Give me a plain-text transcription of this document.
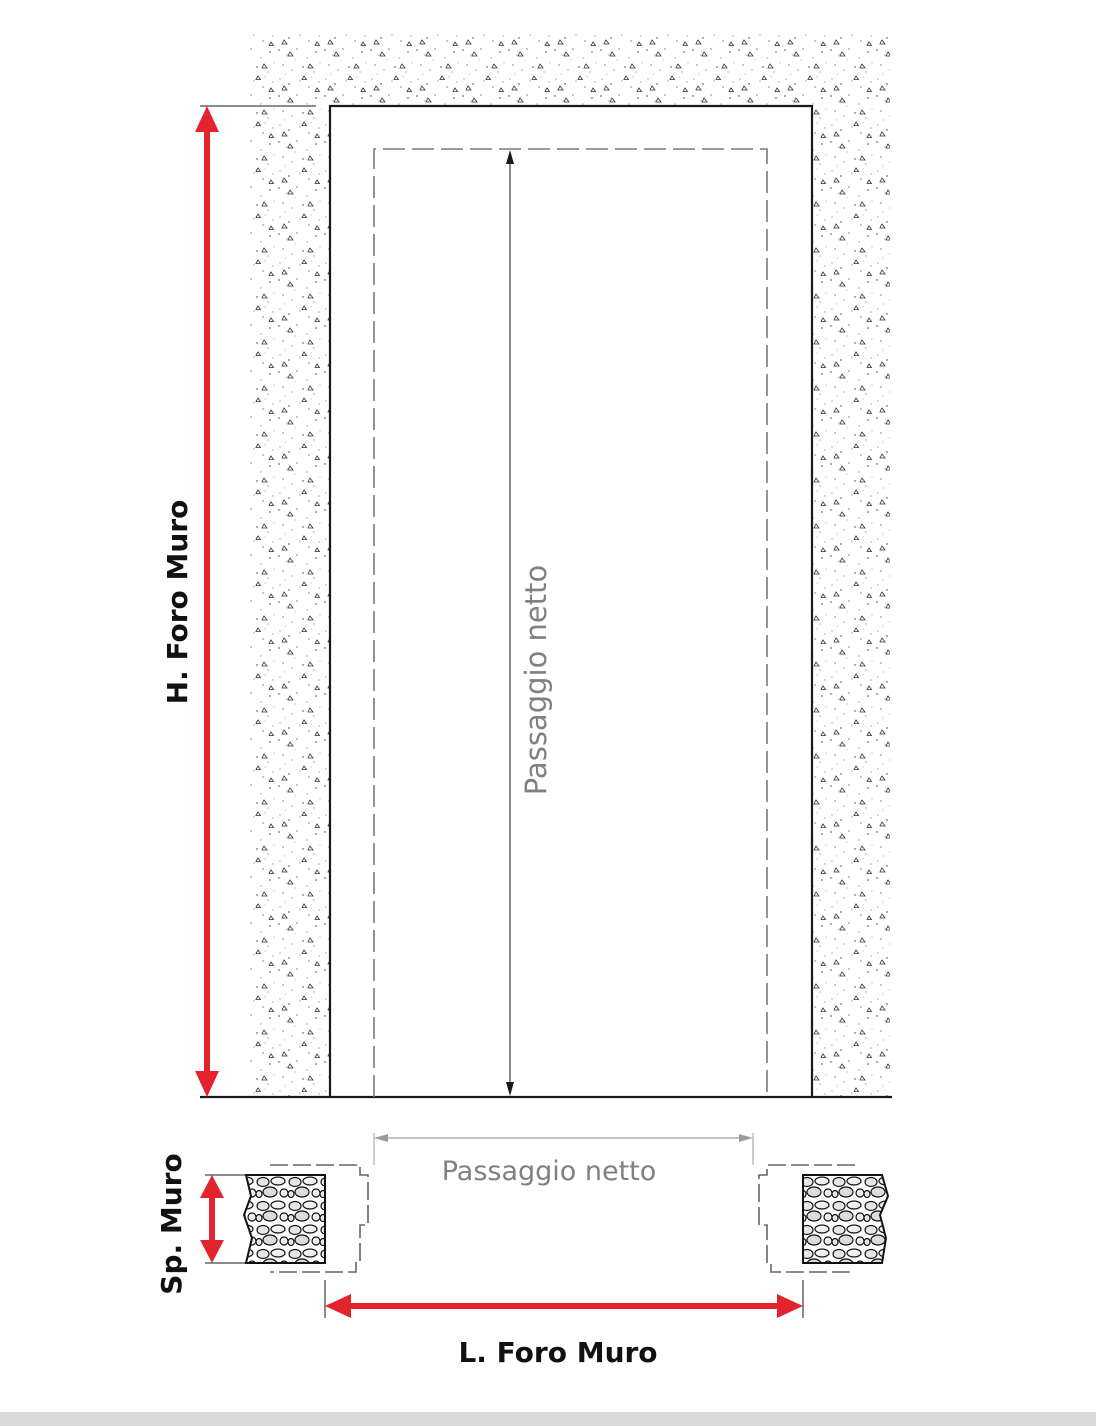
Passaggio netto
H. Foro Muro
Passaggio netto
Sp. Muro
L. Foro Muro
